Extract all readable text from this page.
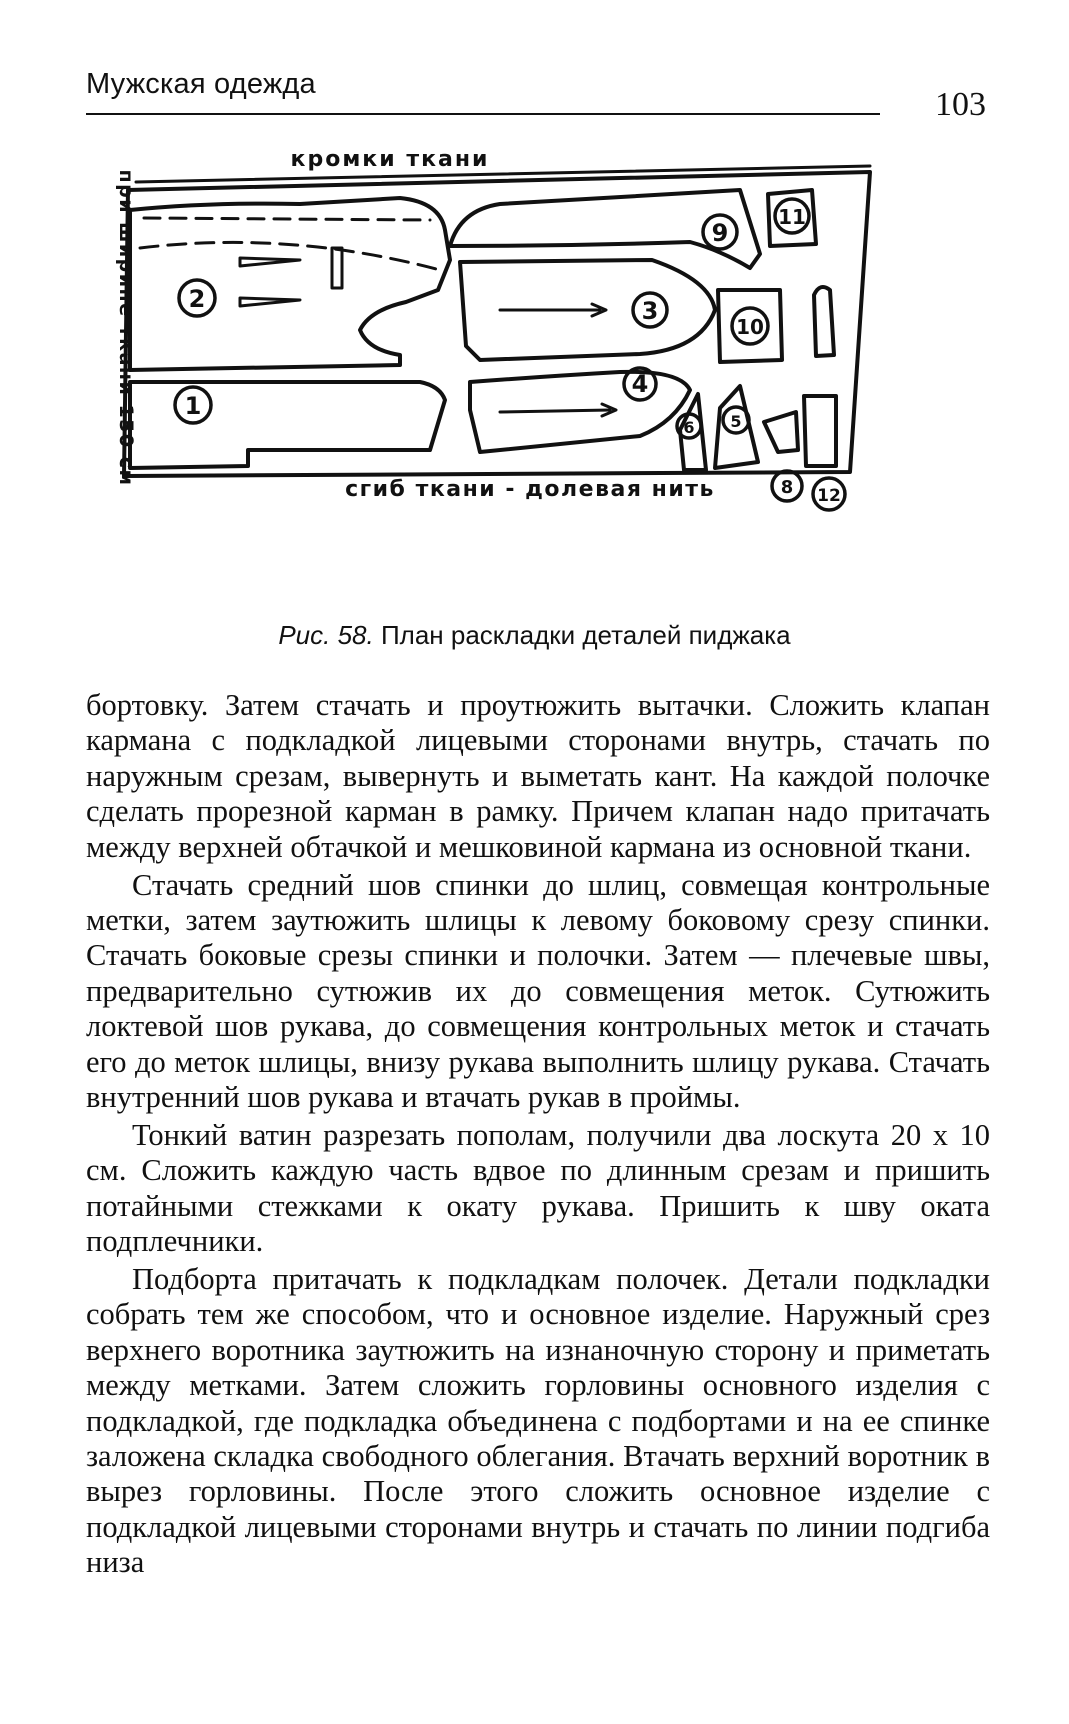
Мужская одежда
103
2
1
3
4
9
10
11
6 5
8 12
кромки ткани
сгиб ткани - долевая нить
при ширине ткани 150 см
Рис. 58. План раскладки деталей пиджака

бортовку. Затем стачать и проутюжить вытачки. Сложить клапан кармана с подкладкой лицевыми сторонами внутрь, стачать по наружным срезам, вывернуть и выметать кант. На каждой полочке сделать прорезной карман в рамку. Причем клапан надо притачать между верхней обтачкой и мешковиной кармана из основной ткани.

Стачать средний шов спинки до шлиц, совмещая контрольные метки, затем заутюжить шлицы к левому боковому срезу спинки. Стачать боковые срезы спинки и полочки. Затем — плечевые швы, предварительно сутюжив их до совмещения меток. Сутюжить локтевой шов рукава, до совмещения контрольных меток и стачать его до меток шлицы, внизу рукава выполнить шлицу рукава. Стачать внутренний шов рукава и втачать рукав в проймы.

Тонкий ватин разрезать пополам, получили два лоскута 20 х 10 см. Сложить каждую часть вдвое по длинным срезам и пришить потайными стежками к окату рукава. Пришить к шву оката подплечники.

Подборта притачать к подкладкам полочек. Детали подкладки собрать тем же способом, что и основное изделие. Наружный срез верхнего воротника заутюжить на изнаночную сторону и приметать между метками. Затем сложить горловины основного изделия с подкладкой, где подкладка объединена с подбортами и на ее спинке заложена складка свободного облегания. Втачать верхний воротник в вырез горловины. После этого сложить основное изделие с подкладкой лицевыми сторонами внутрь и стачать по линии подгиба низа
